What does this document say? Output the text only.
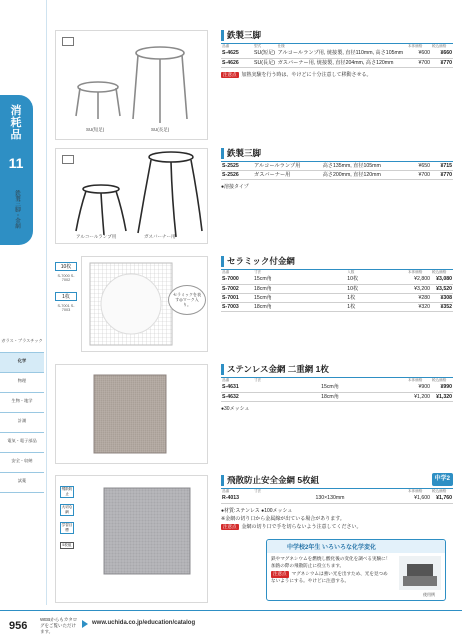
消耗品
11
鉄製三脚・金網
ガラス・プラスチック
化学
物理
生物・地学
計測
電気・電子部品
安全・収納
試薬
SU(短足)	SU(長足)
鉄製三脚
品番	型式	仕様	本体価格	税込価格
S-4625	SU(短足)	アルコールランプ用, 焼接製, 直径110mm, 高さ105mm	¥600	¥660
S-4626	SU(長足)	ガスバーナー用, 焼接製, 直径204mm, 高さ120mm	¥700	¥770
注意点 加熱実験を行う時は、やけどに十分注意して移動させる。
アルコールランプ用	ガスバーナー用
鉄製三脚
S-2525	アルコールランプ用	高さ135mm, 直径105mm	¥650	¥715
S-2526	ガスバーナー用	高さ200mm, 直径120mm	¥700	¥770
●溶接タイプ
10枚
S-7000 S-7002
1枚
S-7001 S-7003
セラミックを表す◎マーク入り。
セラミック付金網
品番	寸法	入数	本体価格	税込価格
S-7000	15cm角	10枚	¥2,800	¥3,080
S-7002	18cm角	10枚	¥3,200	¥3,520
S-7001	15cm角	1枚	¥280	¥308
S-7003	18cm角	1枚	¥320	¥352
ステンレス金網 二重網 1枚
品番	寸法	本体価格	税込価格
S-4631	15cm角	¥900	¥990
S-4632	18cm角	¥1,200	¥1,320
●30メッシュ
飛散防止
大切な網
学習目標
5枚組
飛散防止安全金網 5枚組	中学2
品番	寸法	本体価格	税込価格
R-4013	130×130mm	¥1,600	¥1,760
●材質:ステンレス ●100メッシュ
※金網の切り口から金属線が出ている場合があります。
注意点 金網の切り口で手を切らないよう注意してください。
中学校2年生 いろいろな化学変化
鉄やマグネシウムを燃焼し酸化後の変化を調べる実験に！加熱の際の飛散防止に役立ちます。
注意点 マグネシウムは強い光を出すため、光を見つめないようにする。やけどに注意する。
使用例
956
WEBからもカタログをご覧いただけます。
www.uchida.co.jp/education/catalog
